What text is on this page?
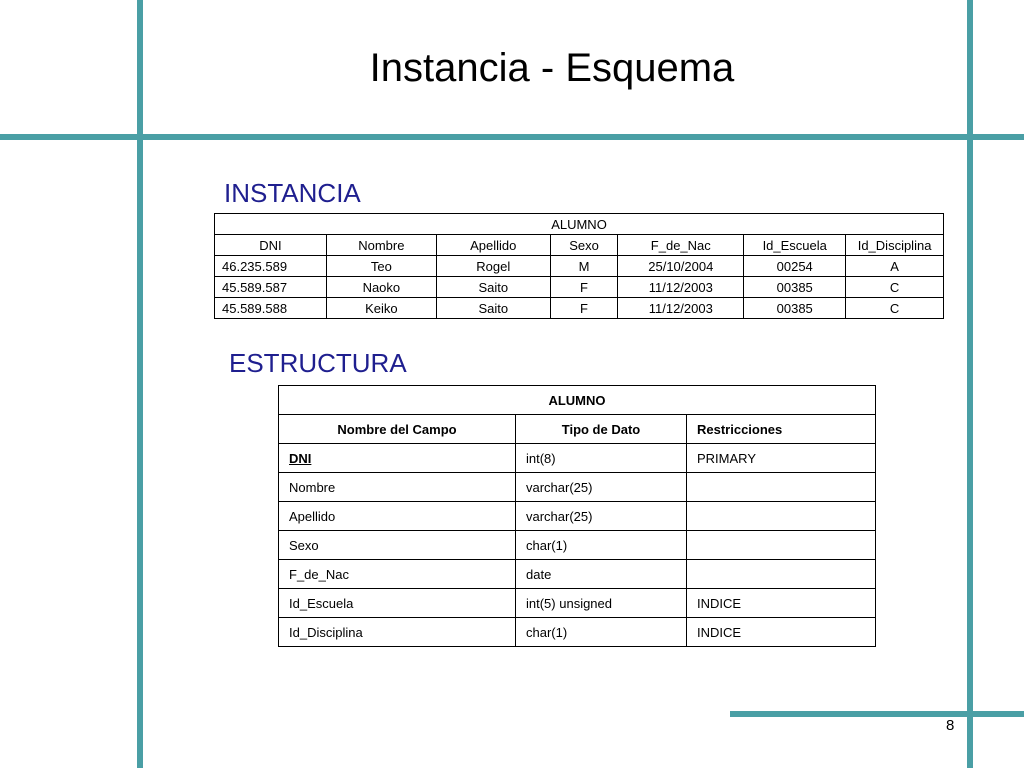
Instancia - Esquema
INSTANCIA
ALUMNO						
DNI	Nombre	Apellido	Sexo	F_de_Nac	Id_Escuela	Id_Disciplina
46.235.589	Teo	Rogel	M	25/10/2004	00254	A
45.589.587	Naoko	Saito	F	11/12/2003	00385	C
45.589.588	Keiko	Saito	F	11/12/2003	00385	C
ESTRUCTURA
ALUMNO		
Nombre del Campo	Tipo de Dato	Restricciones
DNI	int(8)	PRIMARY
Nombre	varchar(25)	
Apellido	varchar(25)	
Sexo	char(1)	
F_de_Nac	date	
Id_Escuela	int(5) unsigned	INDICE
Id_Disciplina	char(1)	INDICE
8
